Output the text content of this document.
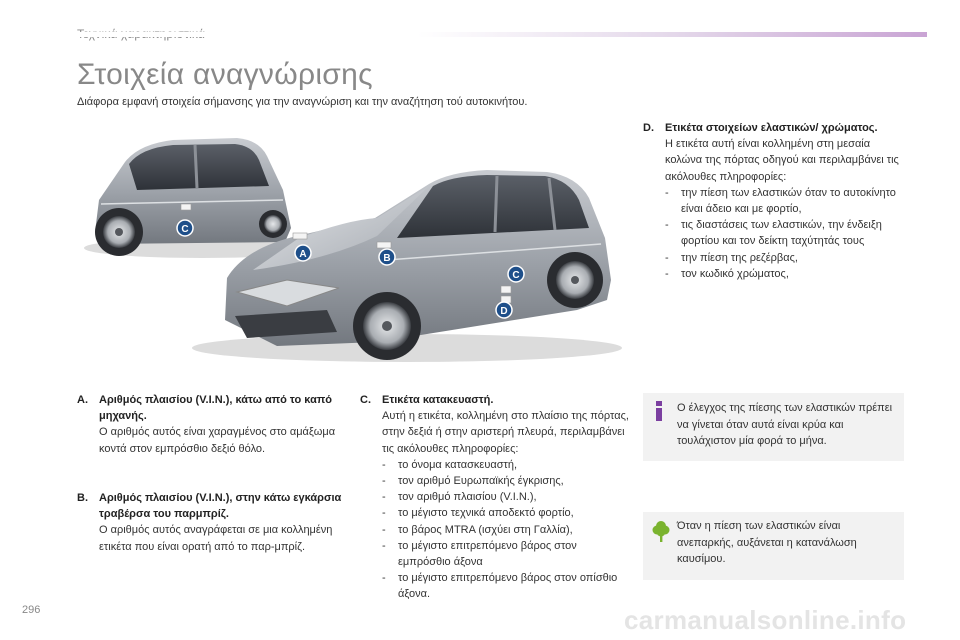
Στοιχεία αναγνώρισης
Διάφορα εμφανή στοιχεία σήμανσης για την αναγνώριση και την αναζήτηση τού αυτοκινήτου.
C
A	B
C
D
A.	Αριθμός πλαισίου (V.I.N.), κάτω από το καπό μηχανής.
Ο αριθμός αυτός είναι χαραγμένος στο αμάξωμα κοντά στον εμπρόσθιο δεξιό θόλο.
B.	Αριθμός πλαισίου (V.I.N.), στην κάτω εγκάρσια τραβέρσα του παρμπρίζ.
Ο αριθμός αυτός αναγράφεται σε μια κολλημένη ετικέτα που είναι ορατή από το παρ-μπρίζ.
C.	Ετικέτα κατακευαστή.
Αυτή η ετικέτα, κολλημένη στο πλαίσιο της πόρτας, στην δεξιά ή στην αριστερή πλευρά, περιλαμβάνει τις ακόλουθες πληροφορίες:
- το όνομα κατασκευαστή,
- τον αριθμό Ευρωπαϊκής έγκρισης,
- τον αριθμό πλαισίου (V.I.N.),
- το μέγιστο τεχνικά αποδεκτό φορτίο,
- το βάρος MTRA (ισχύει στη Γαλλία),
- το μέγιστο επιτρεπόμενο βάρος στον εμπρόσθιο άξονα
- το μέγιστο επιτρεπόμενο βάρος στον οπίσθιο άξονα.
D.	Ετικέτα στοιχείων ελαστικών/ χρώματος.
Η ετικέτα αυτή είναι κολλημένη στη μεσαία κολώνα της πόρτας οδηγού και περιλαμβάνει τις ακόλουθες πληροφορίες:
- την πίεση των ελαστικών όταν το αυτοκίνητο είναι άδειο και με φορτίο,
- τις διαστάσεις των ελαστικών, την ένδειξη φορτίου και τον δείκτη ταχύτητάς τους
- την πίεση της ρεζέρβας,
- τον κωδικό χρώματος,
Ο έλεγχος της πίεσης των ελαστικών πρέπει να γίνεται όταν αυτά είναι κρύα και τουλάχιστον μία φορά το μήνα.
Όταν η πίεση των ελαστικών είναι ανεπαρκής, αυξάνεται η κατανάλωση καυσίμου.
296	carmanualsonline.info
